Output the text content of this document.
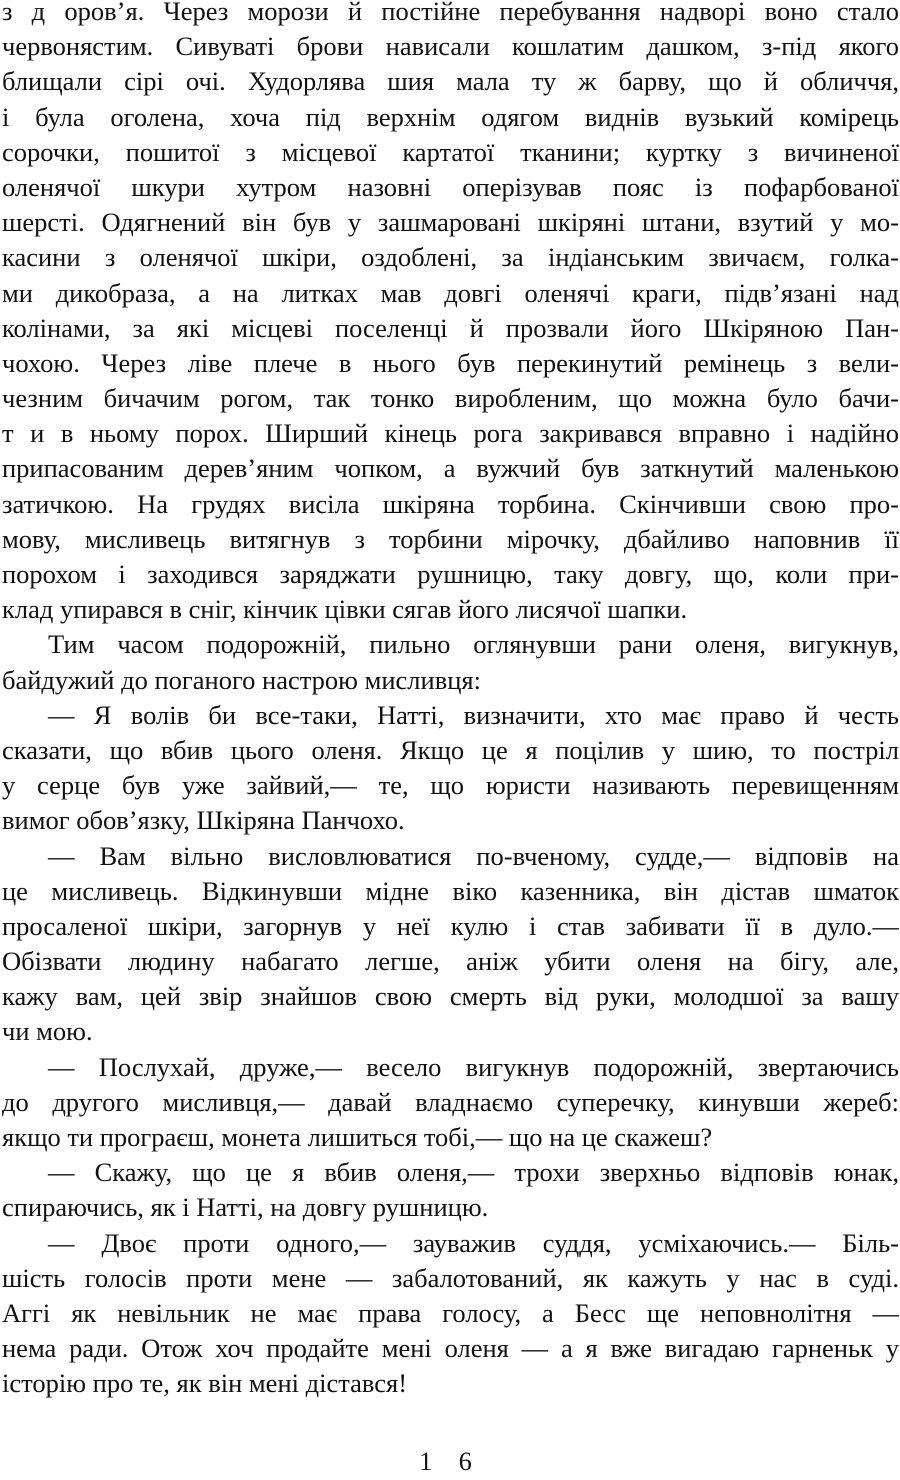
з д оров’я. Через морози й постійне перебування надворі воно стало
червонястим. Сивуваті брови нависали кошлатим дашком, з-під якого
блищали сірі очі. Худорлява шия мала ту ж барву, що й обличчя,
і була оголена, хоча під верхнім одягом виднів вузький комірець
сорочки, пошитої з місцевої картатої тканини; куртку з вичиненої
оленячої шкури хутром назовні оперізував пояс із пофарбованої
шерсті. Одягнений він був у зашмаровані шкіряні штани, взутий у мо-
касини з оленячої шкіри, оздоблені, за індіанським звичаєм, голка-
ми дикобраза, а на литках мав довгі оленячі краги, підв’язані над
колінами, за які місцеві поселенці й прозвали його Шкіряною Пан-
чохою. Через ліве плече в нього був перекинутий ремінець з вели-
чезним бичачим рогом, так тонко виробленим, що можна було бачи-
т и в ньому порох. Ширший кінець рога закривався вправно і надійно
припасованим дерев’яним чопком, а вужчий був заткнутий маленькою
затичкою. На грудях висіла шкіряна торбина. Скінчивши свою про-
мову, мисливець витягнув з торбини мірочку, дбайливо наповнив її
порохом і заходився заряджати рушницю, таку довгу, що, коли при-
клад упирався в сніг, кінчик цівки сягав його лисячої шапки.
Тим часом подорожній, пильно оглянувши рани оленя, вигукнув,
байдужий до поганого настрою мисливця:
— Я волів би все-таки, Натті, визначити, хто має право й честь
сказати, що вбив цього оленя. Якщо це я поцілив у шию, то постріл
у серце був уже зайвий,— те, що юристи називають перевищенням
вимог обов’язку, Шкіряна Панчохо.
— Вам вільно висловлюватися по-вченому, судде,— відповів на
це мисливець. Відкинувши мідне віко казенника, він дістав шматок
просаленої шкіри, загорнув у неї кулю і став забивати її в дуло.—
Обізвати людину набагато легше, аніж убити оленя на бігу, але,
кажу вам, цей звір знайшов свою смерть від руки, молодшої за вашу
чи мою.
— Послухай, друже,— весело вигукнув подорожній, звертаючись
до другого мисливця,— давай владнаємо суперечку, кинувши жереб:
якщо ти програєш, монета лишиться тобі,— що на це скажеш?
— Скажу, що це я вбив оленя,— трохи зверхньо відповів юнак,
спираючись, як і Натті, на довгу рушницю.
— Двоє проти одного,— зауважив суддя, усміхаючись.— Біль-
шість голосів проти мене — забалотований, як кажуть у нас в суді.
Аггі як невільник не має права голосу, а Бесс ще неповнолітня —
нема ради. Отож хоч продайте мені оленя — а я вже вигадаю гарненьк у
історію про те, як він мені дістався!
1 6
